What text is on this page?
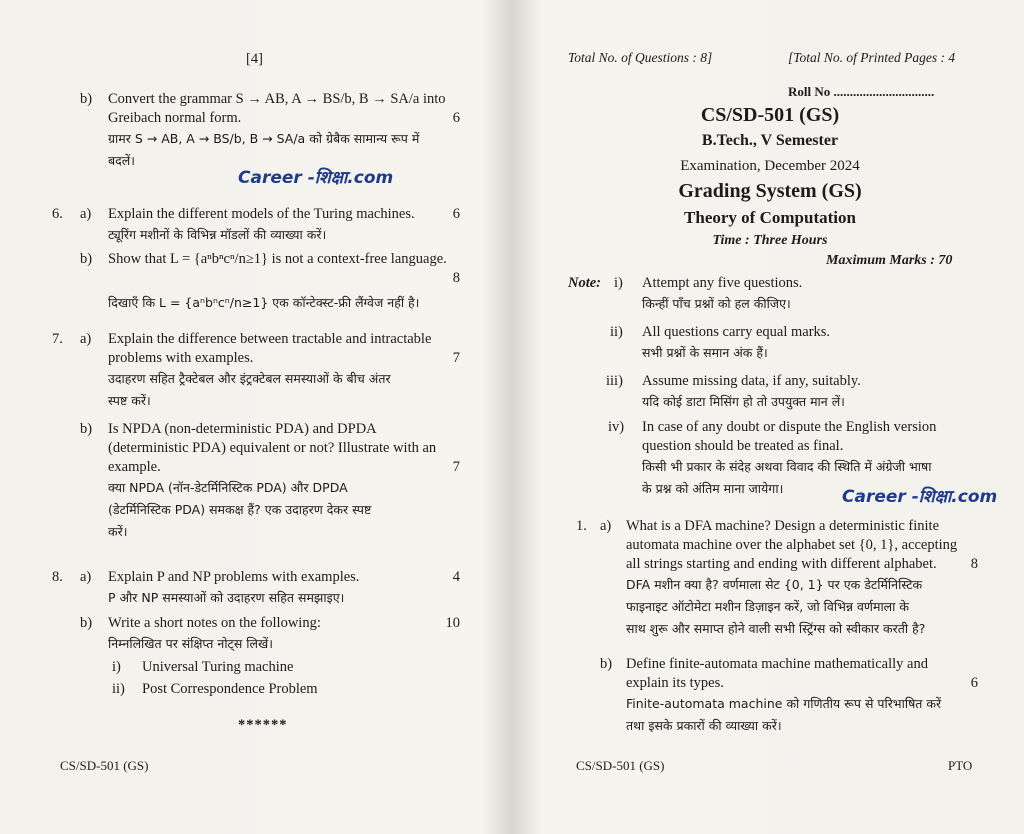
[4]
b) Convert the grammar S → AB, A → BS/b, B → SA/a into
Greibach normal form.	6
ग्रामर S → AB, A → BS/b, B → SA/a को ग्रेबैक सामान्य रूप में
बदलें।
Career -शिक्षा.com
6. a) Explain the different models of the Turing machines.	6
ट्यूरिंग मशीनों के विभिन्न मॉडलों की व्याख्या करें।
b) Show that L = {aⁿbⁿcⁿ/n≥1} is not a context-free language.
8
दिखाएँ कि L = {aⁿbⁿcⁿ/n≥1} एक कॉन्टेक्स्ट-फ्री लैंग्वेज नहीं है।
7. a) Explain the difference between tractable and intractable
problems with examples.	7
उदाहरण सहित ट्रैक्टेबल और इंट्रक्टेबल समस्याओं के बीच अंतर
स्पष्ट करें।
b) Is NPDA (non-deterministic PDA) and DPDA
(deterministic PDA) equivalent or not? Illustrate with an
example.	7
क्या NPDA (नॉन-डेटर्मिनिस्टिक PDA) और DPDA
(डेटर्मिनिस्टिक PDA) समकक्ष हैं? एक उदाहरण देकर स्पष्ट
करें।
8. a) Explain P and NP problems with examples.	4
P और NP समस्याओं को उदाहरण सहित समझाइए।
b) Write a short notes on the following:	10
निम्नलिखित पर संक्षिप्त नोट्स लिखें।
i) Universal Turing machine
ii) Post Correspondence Problem
******
CS/SD-501 (GS)
Total No. of Questions : 8]	[Total No. of Printed Pages : 4
Roll No ...............................
CS/SD-501 (GS)
B.Tech., V Semester
Examination, December 2024
Grading System (GS)
Theory of Computation
Time : Three Hours
Maximum Marks : 70
Note: i) Attempt any five questions.
किन्हीं पाँच प्रश्नों को हल कीजिए।
ii) All questions carry equal marks.
सभी प्रश्नों के समान अंक हैं।
iii) Assume missing data, if any, suitably.
यदि कोई डाटा मिसिंग हो तो उपयुक्त मान लें।
iv) In case of any doubt or dispute the English version
question should be treated as final.
किसी भी प्रकार के संदेह अथवा विवाद की स्थिति में अंग्रेजी भाषा
के प्रश्न को अंतिम माना जायेगा।	Career -शिक्षा.com
1. a) What is a DFA machine? Design a deterministic finite
automata machine over the alphabet set {0, 1}, accepting
all strings starting and ending with different alphabet. 8
DFA मशीन क्या है? वर्णमाला सेट {0, 1} पर एक डेटर्मिनिस्टिक
फाइनाइट ऑटोमेटा मशीन डिज़ाइन करें, जो विभिन्न वर्णमाला के
साथ शुरू और समाप्त होने वाली सभी स्ट्रिंग्स को स्वीकार करती है?
b) Define finite-automata machine mathematically and
explain its types.	6
Finite-automata machine को गणितीय रूप से परिभाषित करें
तथा इसके प्रकारों की व्याख्या करें।
CS/SD-501 (GS)	PTO
